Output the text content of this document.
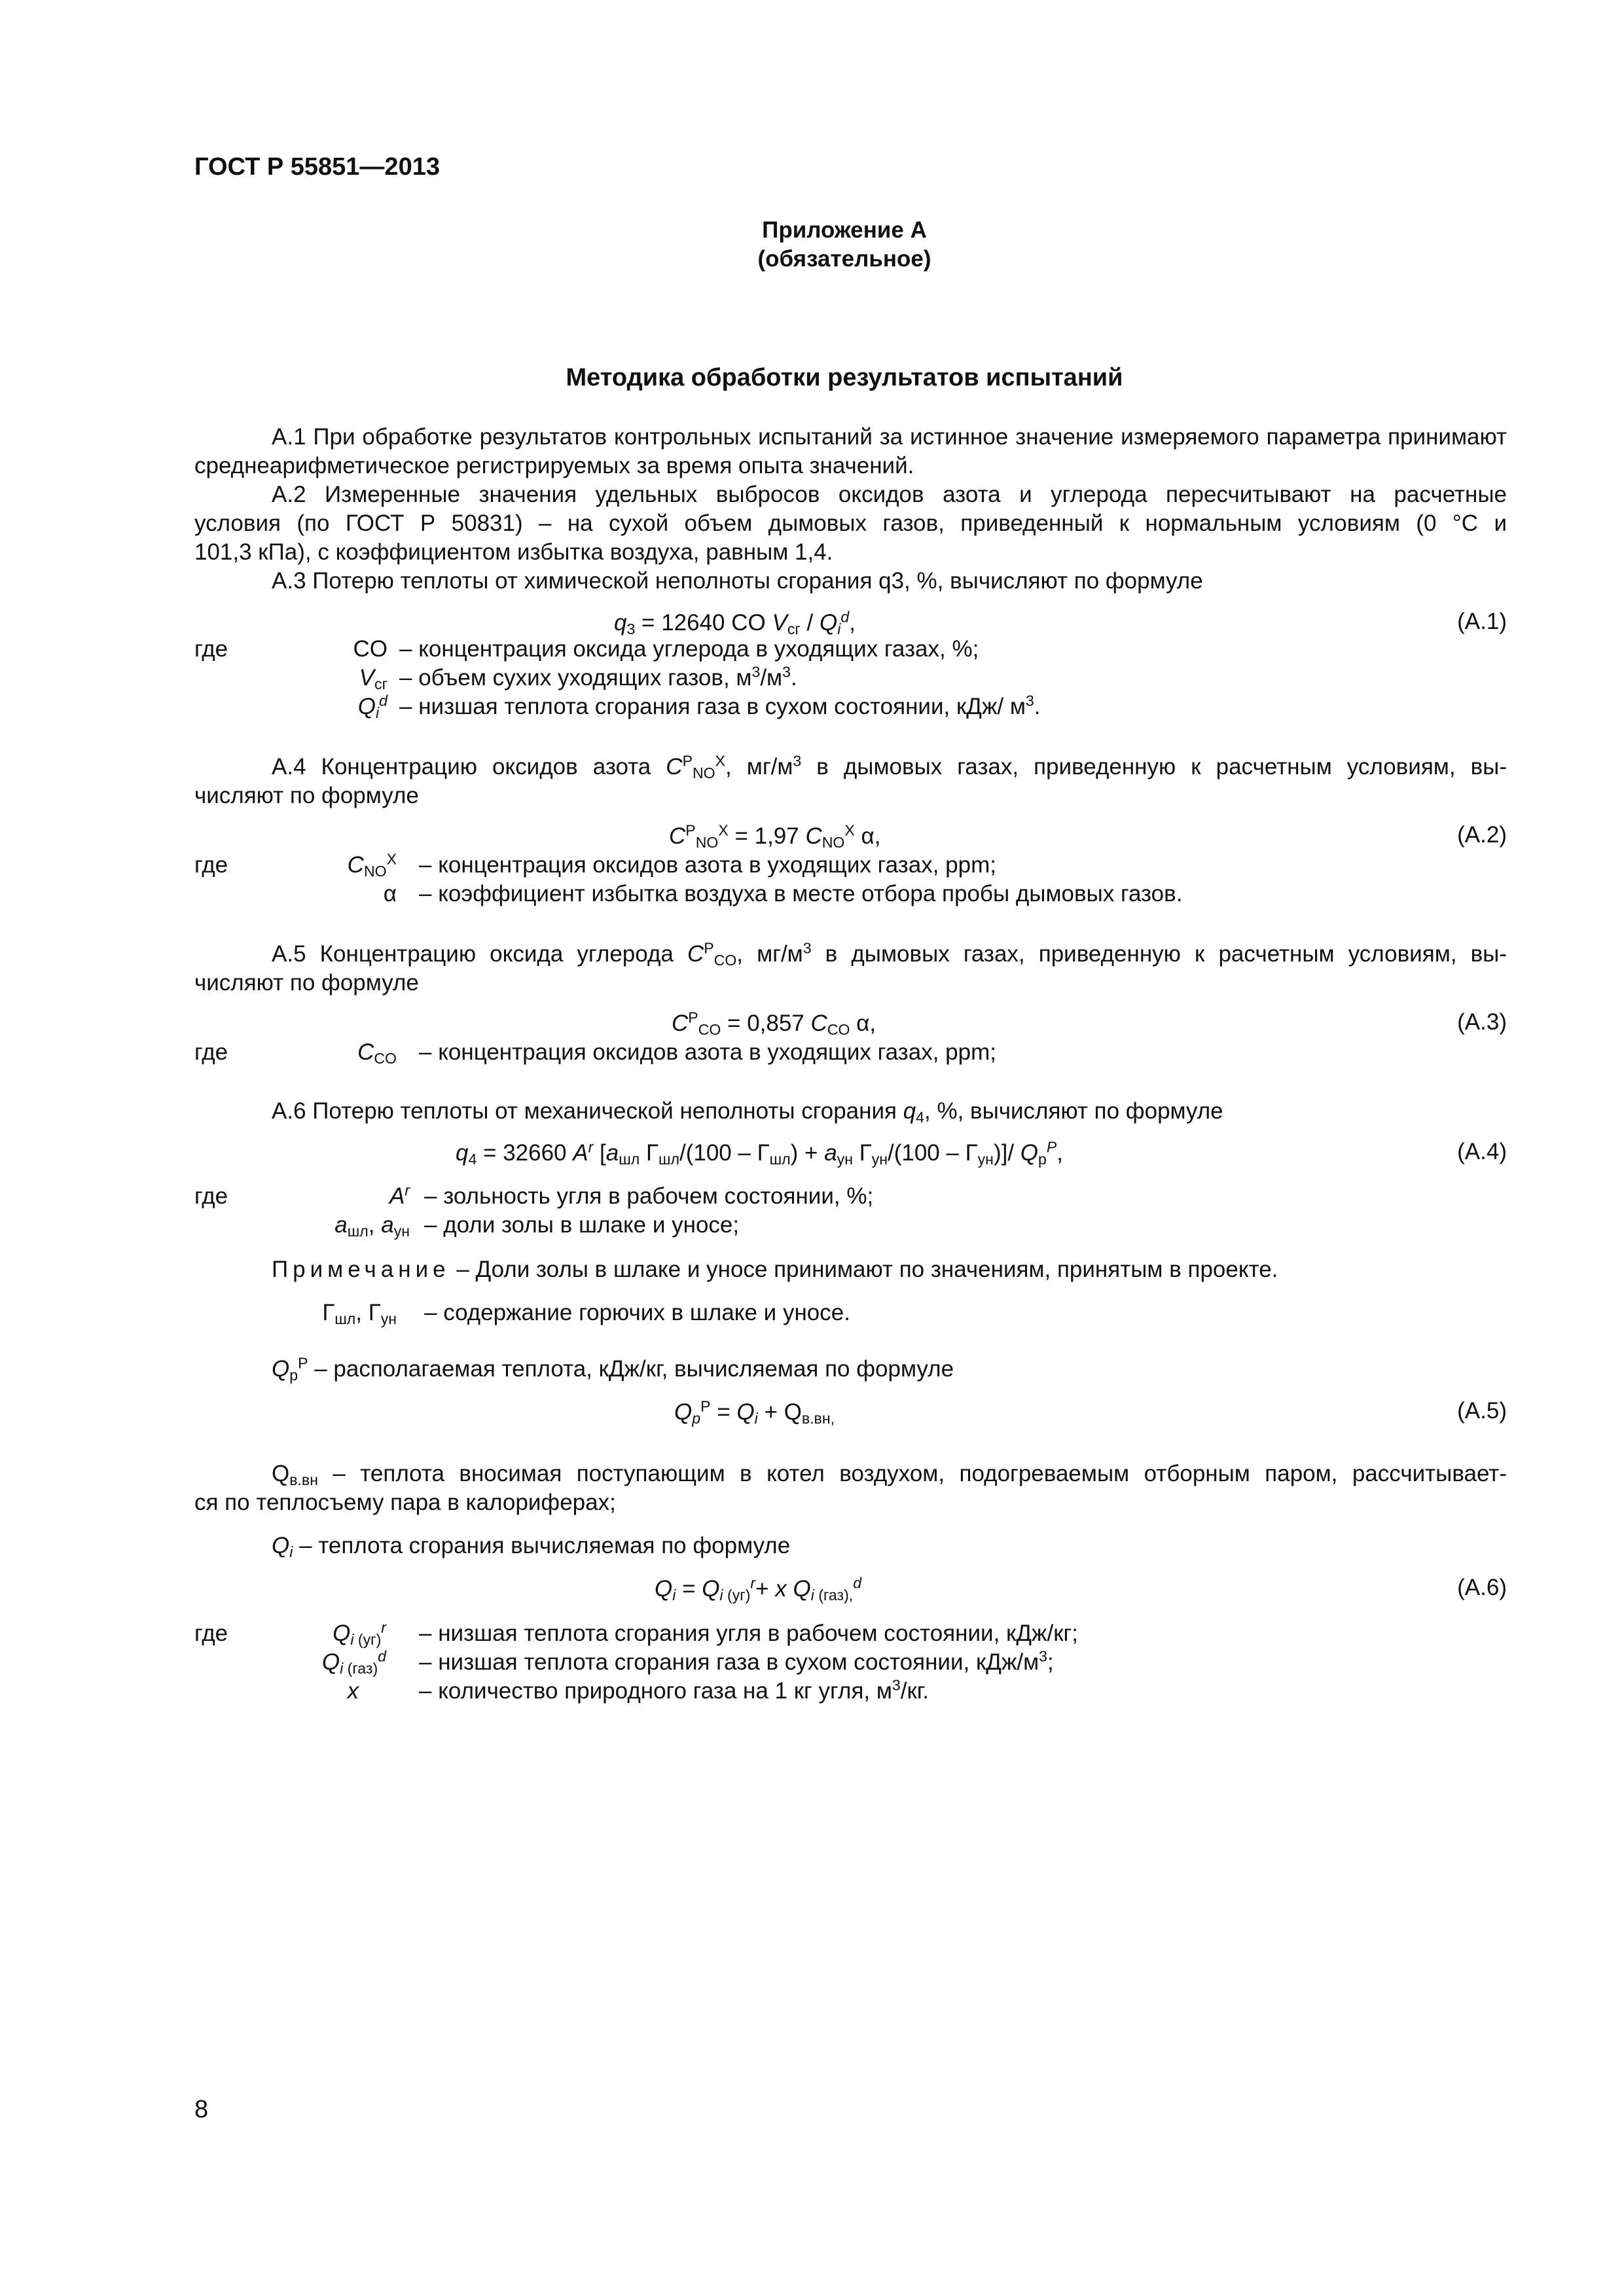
ГОСТ Р 55851—2013
Приложение А
(обязательное)
Методика обработки результатов испытаний
А.1 При обработке результатов контрольных испытаний за истинное значение измеряемого параметра принимают среднеарифметическое регистрируемых за время опыта значений.
А.2 Измеренные значения удельных выбросов оксидов азота и углерода пересчитывают на расчетные
условия (по ГОСТ Р 50831) – на сухой объем дымовых газов, приведенный к нормальным условиям (0 °С и
101,3 кПа), с коэффициентом избытка воздуха, равным 1,4.
А.3 Потерю теплоты от химической неполноты сгорания q3, %, вычисляют по формуле
$q_3 = 12640$ CO $V_{сг} / Q_i^d$,	(А.1)
где	CO – концентрация оксида углерода в уходящих газах, %;
$V_{сг}$ – объем сухих уходящих газов, $м^3/м^3$.
$Q_i^d$ – низшая теплота сгорания газа в сухом состоянии, кДж/ $м^3$.
А.4 Концентрацию оксидов азота $C^P_{NO}^X$, $мг/м^3$ в дымовых газах, приведенную к расчетным условиям, вы-
числяют по формуле
$C^P_{NO}^X = 1,97$ $C_{NO}^X$ α,	(А.2)
где	$C_{NO}^X$ – концентрация оксидов азота в уходящих газах, ppm;
α – коэффициент избытка воздуха в месте отбора пробы дымовых газов.
А.5 Концентрацию оксида углерода $C^P_{CO}$, $мг/м^3$ в дымовых газах, приведенную к расчетным условиям, вы-
числяют по формуле
$C^P_{CO} = 0,857$ $C_{CO}$ α,	(А.3)
где	$C_{CO}$ – концентрация оксидов азота в уходящих газах, ppm;
А.6 Потерю теплоты от механической неполноты сгорания $q_4$, %, вычисляют по формуле
$q_4 = 32660$ $A^r$ [$a_{шл}$ $Г_{шл}/(100 - Г_{шл}) + a_{ун}$ $Г_{ун}/(100 - Г_{ун})]/$ $Q_p^P$,	(А.4)
где	$A^r$ – зольность угля в рабочем состоянии, %;
$a_{шл}$, $a_{ун}$ – доли золы в шлаке и уносе;
Примечание – Доли золы в шлаке и уносе принимают по значениям, принятым в проекте.
$Г_{шл}$, $Г_{ун}$ – содержание горючих в шлаке и уносе.
$Q_p^P$ – располагаемая теплота, кДж/кг, вычисляемая по формуле
$Q_p^P = Q_i + Q_{в.вн,}$	(А.5)
$Q_{в.вн}$ – теплота вносимая поступающим в котел воздухом, подогреваемым отборным паром, рассчитывает-
ся по теплосъему пара в калориферах;
$Q_i$ – теплота сгорания вычисляемая по формуле
$Q_i = Q_{i (уг)}^r+ x$ $Q_{i (газ),}^d$	(А.6)
где	$Q_{i (уг)}^r$ – низшая теплота сгорания угля в рабочем состоянии, кДж/кг;
$Q_{i (газ)}^d$ – низшая теплота сгорания газа в сухом состоянии, кДж/$м^3$;
x	– количество природного газа на 1 кг угля, $м^3/кг$.
8
